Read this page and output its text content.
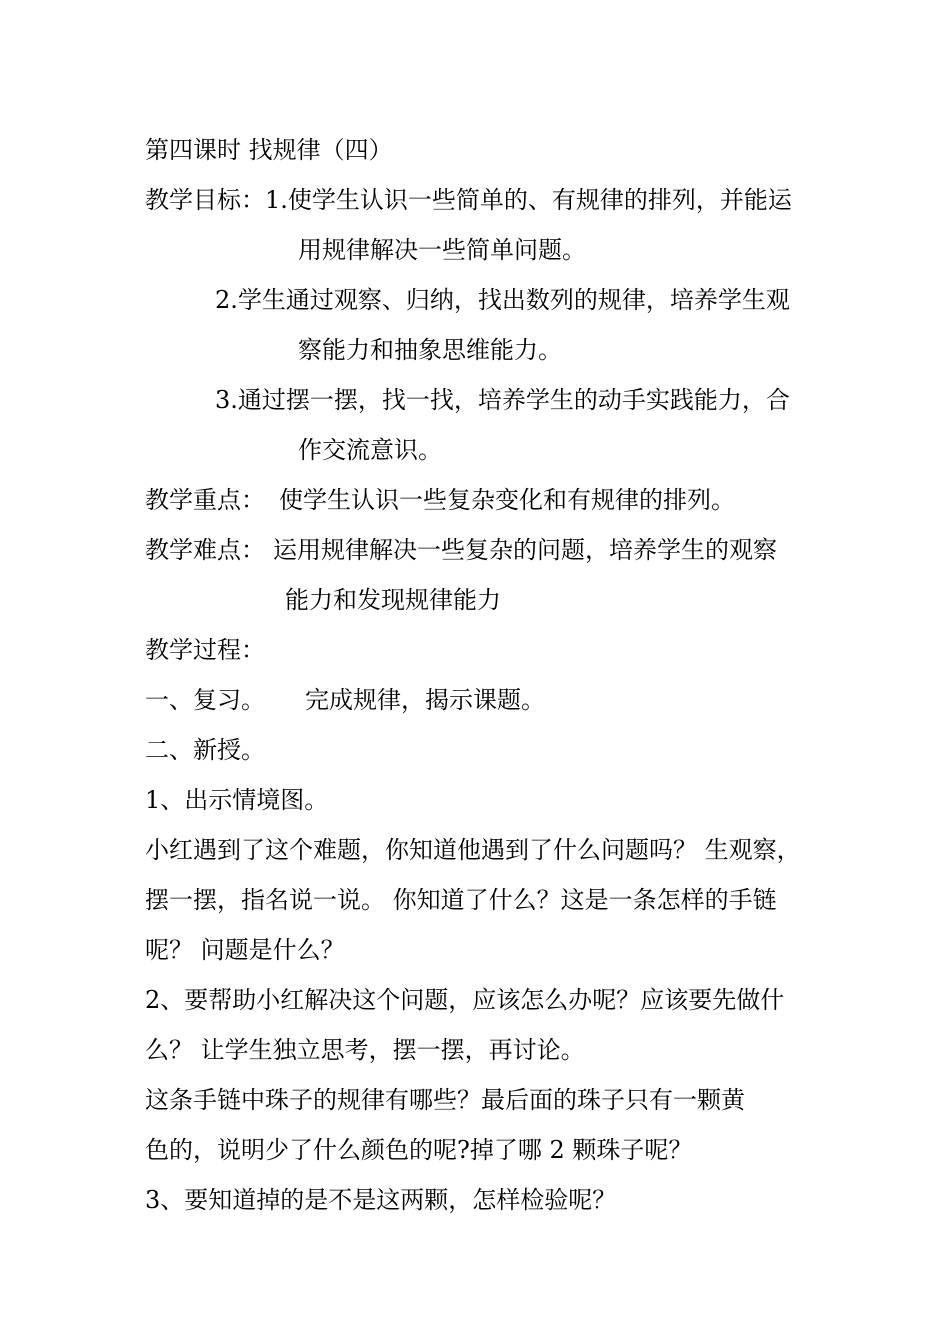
第四课时 找规律（四）
教学目标：1.使学生认识一些简单的、有规律的排列，并能运
用规律解决一些简单问题。
2.学生通过观察、归纳，找出数列的规律，培养学生观
察能力和抽象思维能力。
3.通过摆一摆，找一找，培养学生的动手实践能力，合
作交流意识。
教学重点： 使学生认识一些复杂变化和有规律的排列。
教学难点： 运用规律解决一些复杂的问题，培养学生的观察
能力和发现规律能力
教学过程：
一、复习。 完成规律，揭示课题。
二、新授。
1、出示情境图。
小红遇到了这个难题，你知道他遇到了什么问题吗？ 生观察，
摆一摆，指名说一说。 你知道了什么？这是一条怎样的手链
呢？ 问题是什么？
2、要帮助小红解决这个问题，应该怎么办呢？应该要先做什
么？ 让学生独立思考，摆一摆，再讨论。
这条手链中珠子的规律有哪些？最后面的珠子只有一颗黄
色的，说明少了什么颜色的呢?掉了哪 2 颗珠子呢？
3、要知道掉的是不是这两颗，怎样检验呢？
